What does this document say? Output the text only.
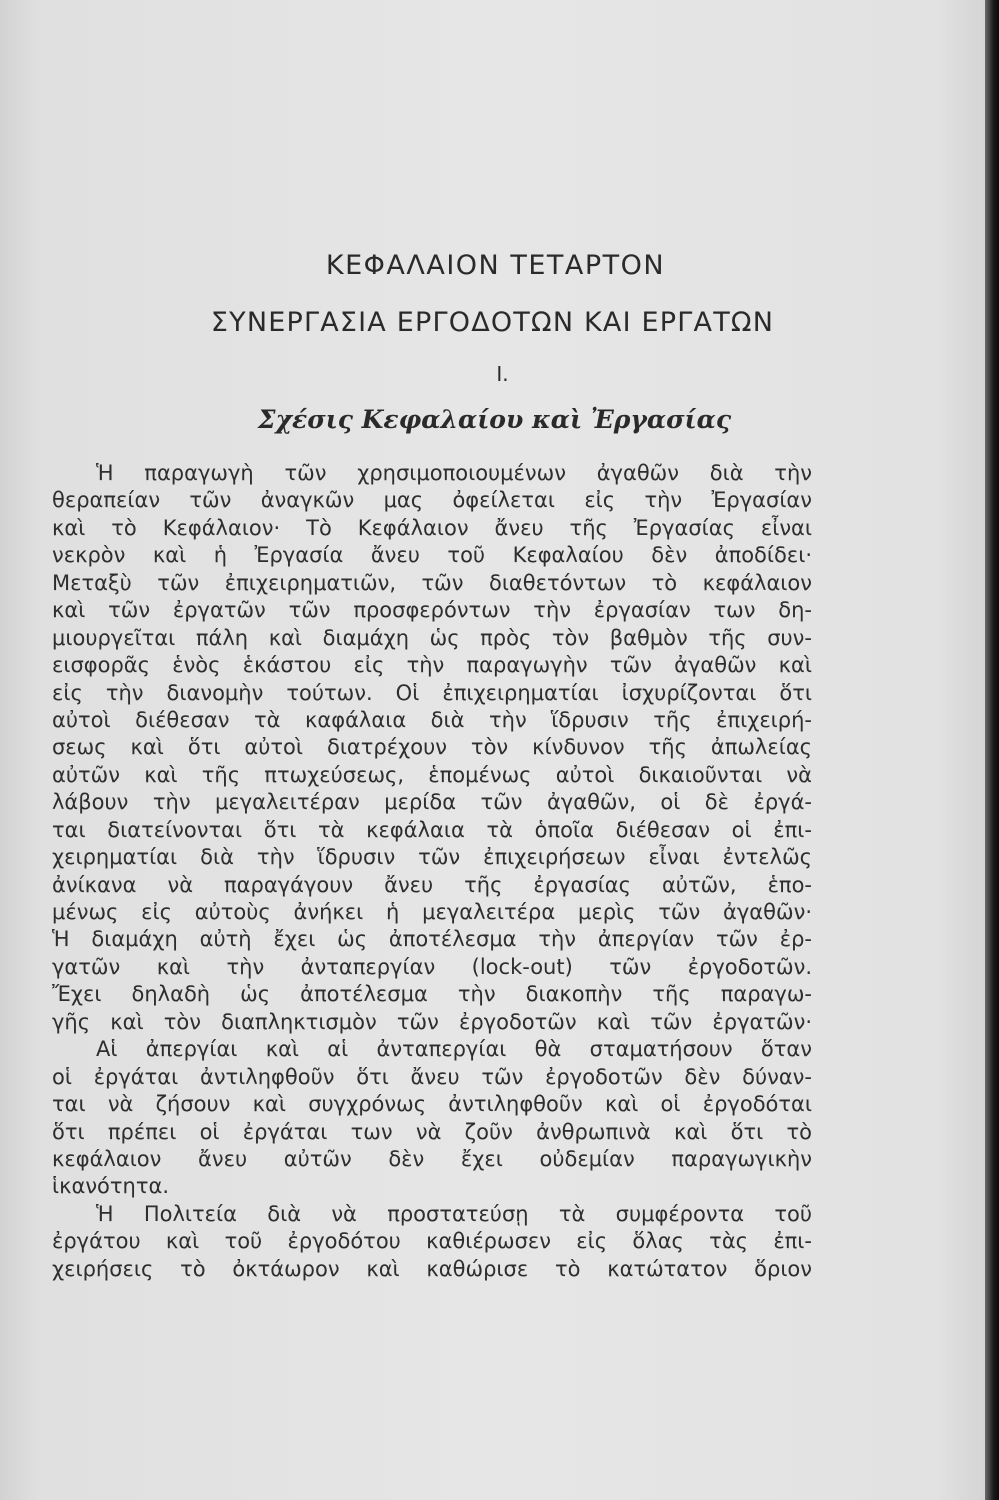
ΚΕΦΑΛΑΙΟΝ ΤΕΤΑΡΤΟΝ
ΣΥΝΕΡΓΑΣΙΑ ΕΡΓΟΔΟΤΩΝ ΚΑΙ ΕΡΓΑΤΩΝ
I.
Σχέσις Κεφαλαίου καὶ Ἐργασίας
Ἡ παραγωγὴ τῶν χρησιμοποιουμένων ἀγαθῶν διὰ τὴν
θεραπείαν τῶν ἀναγκῶν μας ὀφείλεται εἰς τὴν Ἐργασίαν
καὶ τὸ Κεφάλαιον· Τὸ Κεφάλαιον ἄνευ τῆς Ἐργασίας εἶναι
νεκρὸν καὶ ἡ Ἐργασία ἄνευ τοῦ Κεφαλαίου δὲν ἀποδίδει·
Μεταξὺ τῶν ἐπιχειρηματιῶν, τῶν διαθετόντων τὸ κεφάλαιον
καὶ τῶν ἐργατῶν τῶν προσφερόντων τὴν ἐργασίαν των δη-
μιουργεῖται πάλη καὶ διαμάχη ὡς πρὸς τὸν βαθμὸν τῆς συν-
εισφορᾶς ἑνὸς ἑκάστου εἰς τὴν παραγωγὴν τῶν ἀγαθῶν καὶ
εἰς τὴν διανομὴν τούτων. Οἱ ἐπιχειρηματίαι ἰσχυρίζονται ὅτι
αὐτοὶ διέθεσαν τὰ καφάλαια διὰ τὴν ἵδρυσιν τῆς ἐπιχειρή-
σεως καὶ ὅτι αὐτοὶ διατρέχουν τὸν κίνδυνον τῆς ἀπωλείας
αὐτῶν καὶ τῆς πτωχεύσεως, ἑπομένως αὐτοὶ δικαιοῦνται νὰ
λάβουν τὴν μεγαλειτέραν μερίδα τῶν ἀγαθῶν, οἱ δὲ ἐργά-
ται διατείνονται ὅτι τὰ κεφάλαια τὰ ὁποῖα διέθεσαν οἱ ἐπι-
χειρηματίαι διὰ τὴν ἵδρυσιν τῶν ἐπιχειρήσεων εἶναι ἐντελῶς
ἀνίκανα νὰ παραγάγουν ἄνευ τῆς ἐργασίας αὐτῶν, ἑπο-
μένως εἰς αὐτοὺς ἀνήκει ἡ μεγαλειτέρα μερὶς τῶν ἀγαθῶν·
Ἡ διαμάχη αὐτὴ ἔχει ὡς ἀποτέλεσμα τὴν ἀπεργίαν τῶν ἐρ-
γατῶν καὶ τὴν ἀνταπεργίαν (lock-out) τῶν ἐργοδοτῶν.
Ἔχει δηλαδὴ ὡς ἀποτέλεσμα τὴν διακοπὴν τῆς παραγω-
γῆς καὶ τὸν διαπληκτισμὸν τῶν ἐργοδοτῶν καὶ τῶν ἐργατῶν·
Αἱ ἀπεργίαι καὶ αἱ ἀνταπεργίαι θὰ σταματήσουν ὅταν
οἱ ἐργάται ἀντιληφθοῦν ὅτι ἄνευ τῶν ἐργοδοτῶν δὲν δύναν-
ται νὰ ζήσουν καὶ συγχρόνως ἀντιληφθοῦν καὶ οἱ ἐργοδόται
ὅτι πρέπει οἱ ἐργάται των νὰ ζοῦν ἀνθρωπινὰ καὶ ὅτι τὸ
κεφάλαιον ἄνευ αὐτῶν δὲν ἔχει οὐδεμίαν παραγωγικὴν
ἱκανότητα.
Ἡ Πολιτεία διὰ νὰ προστατεύσῃ τὰ συμφέροντα τοῦ
ἐργάτου καὶ τοῦ ἐργοδότου καθιέρωσεν εἰς ὅλας τὰς ἐπι-
χειρήσεις τὸ ὀκτάωρον καὶ καθώρισε τὸ κατώτατον ὅριον
